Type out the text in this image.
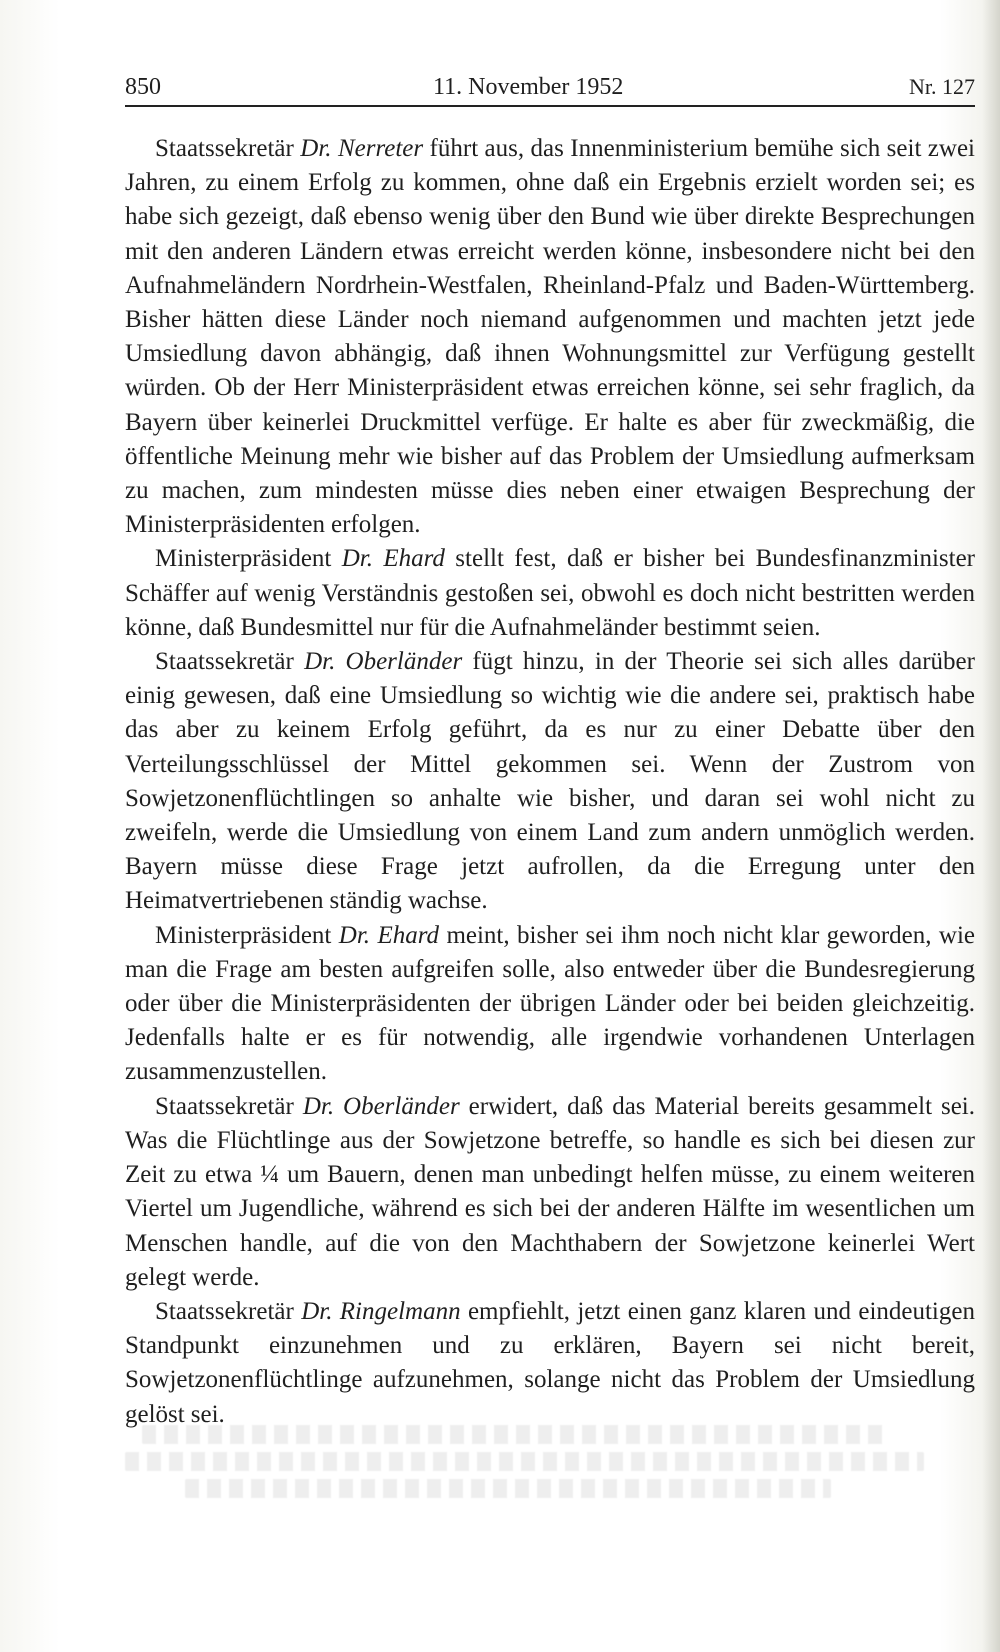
850	11. November 1952	Nr. 127

Staatssekretär Dr. Nerreter führt aus, das Innenministerium bemühe sich seit zwei Jahren, zu einem Erfolg zu kommen, ohne daß ein Ergebnis erzielt worden sei; es habe sich gezeigt, daß ebenso wenig über den Bund wie über direkte Besprechungen mit den anderen Ländern etwas erreicht werden könne, insbesondere nicht bei den Aufnahmeländern Nordrhein-Westfalen, Rheinland-Pfalz und Baden-Württemberg. Bisher hätten diese Länder noch niemand aufgenommen und machten jetzt jede Umsiedlung davon abhängig, daß ihnen Wohnungsmittel zur Verfügung gestellt würden. Ob der Herr Ministerpräsident etwas erreichen könne, sei sehr fraglich, da Bayern über keinerlei Druckmittel verfüge. Er halte es aber für zweckmäßig, die öffentliche Meinung mehr wie bisher auf das Problem der Umsiedlung aufmerksam zu machen, zum mindesten müsse dies neben einer etwaigen Besprechung der Ministerpräsidenten erfolgen.

Ministerpräsident Dr. Ehard stellt fest, daß er bisher bei Bundesfinanzminister Schäffer auf wenig Verständnis gestoßen sei, obwohl es doch nicht bestritten werden könne, daß Bundesmittel nur für die Aufnahmeländer bestimmt seien.

Staatssekretär Dr. Oberländer fügt hinzu, in der Theorie sei sich alles darüber einig gewesen, daß eine Umsiedlung so wichtig wie die andere sei, praktisch habe das aber zu keinem Erfolg geführt, da es nur zu einer Debatte über den Verteilungsschlüssel der Mittel gekommen sei. Wenn der Zustrom von Sowjetzonenflüchtlingen so anhalte wie bisher, und daran sei wohl nicht zu zweifeln, werde die Umsiedlung von einem Land zum andern unmöglich werden. Bayern müsse diese Frage jetzt aufrollen, da die Erregung unter den Heimatvertriebenen ständig wachse.

Ministerpräsident Dr. Ehard meint, bisher sei ihm noch nicht klar geworden, wie man die Frage am besten aufgreifen solle, also entweder über die Bundesregierung oder über die Ministerpräsidenten der übrigen Länder oder bei beiden gleichzeitig. Jedenfalls halte er es für notwendig, alle irgendwie vorhandenen Unterlagen zusammenzustellen.

Staatssekretär Dr. Oberländer erwidert, daß das Material bereits gesammelt sei. Was die Flüchtlinge aus der Sowjetzone betreffe, so handle es sich bei diesen zur Zeit zu etwa ¼ um Bauern, denen man unbedingt helfen müsse, zu einem weiteren Viertel um Jugendliche, während es sich bei der anderen Hälfte im wesentlichen um Menschen handle, auf die von den Machthabern der Sowjetzone keinerlei Wert gelegt werde.

Staatssekretär Dr. Ringelmann empfiehlt, jetzt einen ganz klaren und eindeutigen Standpunkt einzunehmen und zu erklären, Bayern sei nicht bereit, Sowjetzonenflüchtlinge aufzunehmen, solange nicht das Problem der Umsiedlung gelöst sei.
